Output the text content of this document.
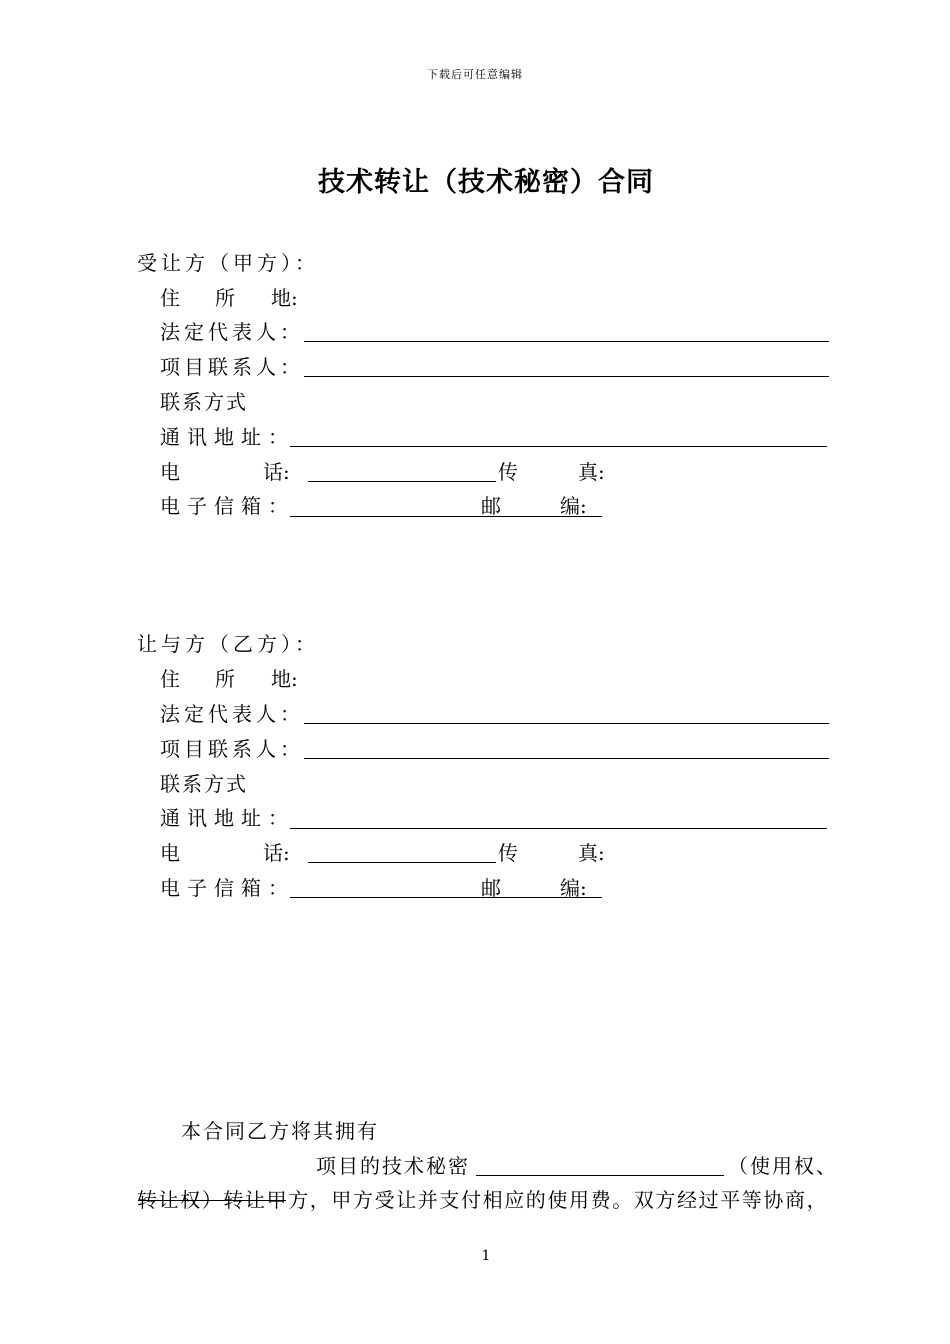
下载后可任意编辑
技术转让（技术秘密）合同
受让方（甲方）：
住 所 地:
法定代表人：
项目联系人：
联系方式
通讯地址：
电	话:	传	真:
电子信箱：	邮	编:
让与方（乙方）：
住 所 地:
法定代表人：
项目联系人：
联系方式
通讯地址：
电	话:	传	真:
电子信箱：	邮	编:
本合同乙方将其拥有
项目的技术秘密	（使用权、
转让权）转让甲方，甲方受让并支付相应的使用费。双方经过平等协商，
1
